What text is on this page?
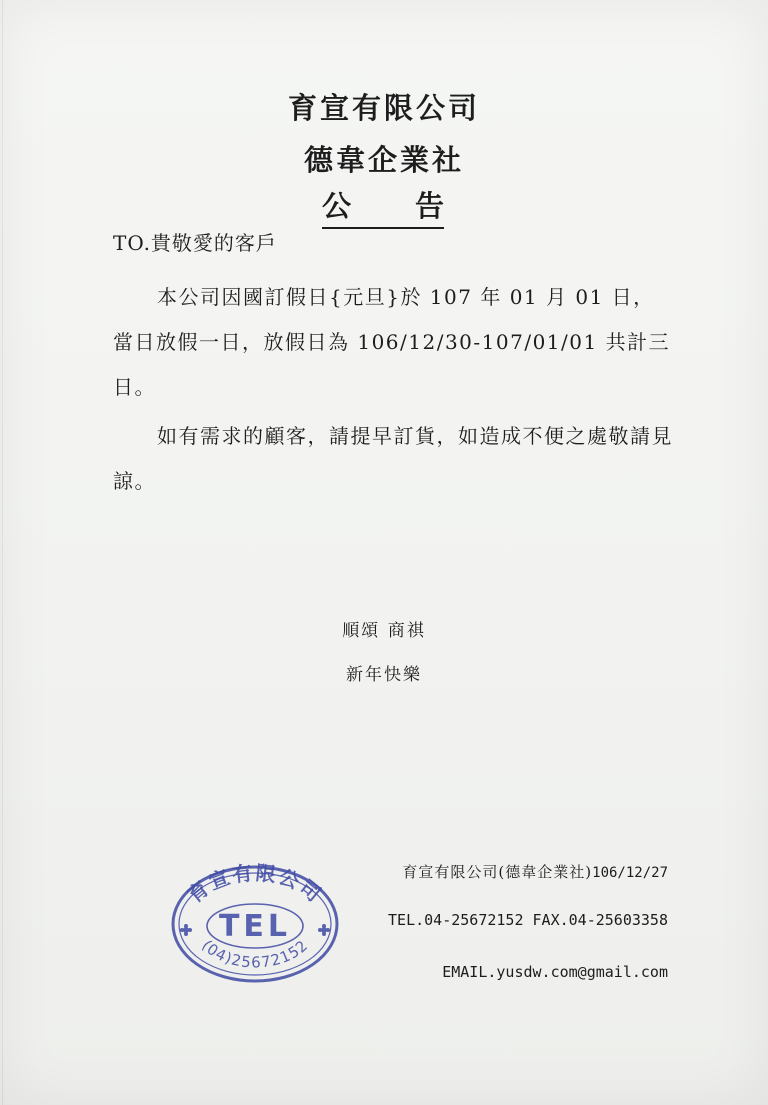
育宣有限公司
德韋企業社
公 告
TO.貴敬愛的客戶

本公司因國訂假日{元旦}於 107 年 01 月 01 日，當日放假一日，放假日為 106/12/30-107/01/01 共計三日。

如有需求的顧客，請提早訂貨，如造成不便之處敬請見諒。

順頌 商祺
新年快樂
育宣有限公司
TEL
(04)25672152
育宣有限公司(德韋企業社)106/12/27
TEL.04-25672152 FAX.04-25603358
EMAIL.yusdw.com@gmail.com
